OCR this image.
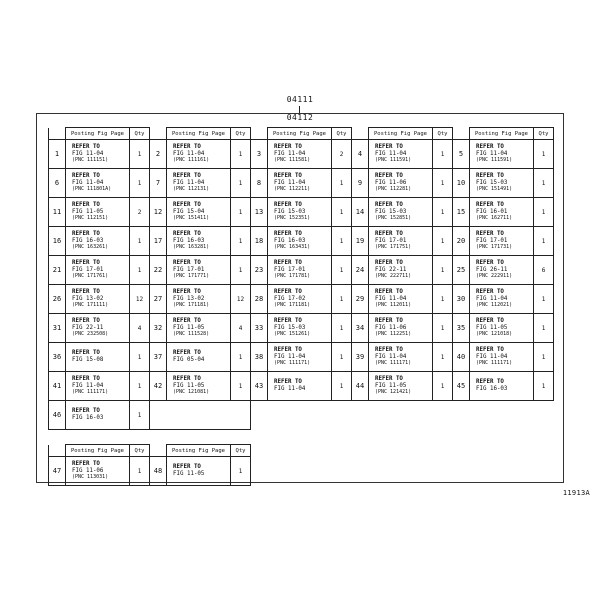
04111
04112
	Posting Fig Page	Qty		Posting Fig Page	Qty		Posting Fig Page	Qty		Posting Fig Page	Qty		Posting Fig Page	Qty
1	REFER TO
FIG 11-04
(PNC 111151)	1	2	REFER TO
FIG 11-04
(PNC 111161)	1	3	REFER TO
FIG 11-04
(PNC 111581)	2	4	REFER TO
FIG 11-04
(PNC 111591)	1	5	REFER TO
FIG 11-04
(PNC 111591)	1
6	REFER TO
FIG 11-04
(PNC 111801A)	1	7	REFER TO
FIG 11-04
(PNC 112131)	1	8	REFER TO
FIG 11-04
(PNC 112211)	1	9	REFER TO
FIG 11-06
(PNC 112281)	1	10	REFER TO
FIG 15-03
(PNC 151491)	1
11	REFER TO
FIG 11-05
(PNC 112151)	2	12	REFER TO
FIG 15-04
(PNC 151411)	1	13	REFER TO
FIG 15-03
(PNC 152351)	1	14	REFER TO
FIG 15-03
(PNC 152851)	1	15	REFER TO
FIG 16-01
(PNC 162711)	1
16	REFER TO
FIG 16-03
(PNC 163261)	1	17	REFER TO
FIG 16-03
(PNC 163281)	1	18	REFER TO
FIG 16-03
(PNC 163431)	1	19	REFER TO
FIG 17-01
(PNC 171751)	1	20	REFER TO
FIG 17-01
(PNC 171731)	1
21	REFER TO
FIG 17-01
(PNC 171761)	1	22	REFER TO
FIG 17-01
(PNC 171771)	1	23	REFER TO
FIG 17-01
(PNC 171781)	1	24	REFER TO
FIG 22-11
(PNC 222711)	1	25	REFER TO
FIG 26-11
(PNC 222911)	6
26	REFER TO
FIG 13-02
(PNC 171111)	12	27	REFER TO
FIG 13-02
(PNC 171181)	12	28	REFER TO
FIG 17-02
(PNC 171181)	1	29	REFER TO
FIG 11-04
(PNC 112011)	1	30	REFER TO
FIG 11-04
(PNC 112021)	1
31	REFER TO
FIG 22-11
(PNC 232508)	4	32	REFER TO
FIG 11-05
(PNC 111528)	4	33	REFER TO
FIG 15-03
(PNC 151261)	1	34	REFER TO
FIG 11-06
(PNC 112251)	1	35	REFER TO
FIG 11-05
(PNC 121018)	1
36	REFER TO
FIG 15-08	1	37	REFER TO
FIG 05-04	1	38	REFER TO
FIG 11-04
(PNC 111171)	1	39	REFER TO
FIG 11-04
(PNC 111171)	1	40	REFER TO
FIG 11-04
(PNC 111171)	1
41	REFER TO
FIG 11-04
(PNC 111171)	1	42	REFER TO
FIG 11-05
(PNC 121081)	1	43	REFER TO
FIG 11-04	1	44	REFER TO
FIG 11-05
(PNC 121421)	1	45	REFER TO
FIG 16-03	1
46	REFER TO
FIG 16-03	1												
	Posting Fig Page	Qty		Posting Fig Page	Qty
47	REFER TO
FIG 11-06
(PNC 113031)	1	48	REFER TO
FIG 11-05	1
11913A
